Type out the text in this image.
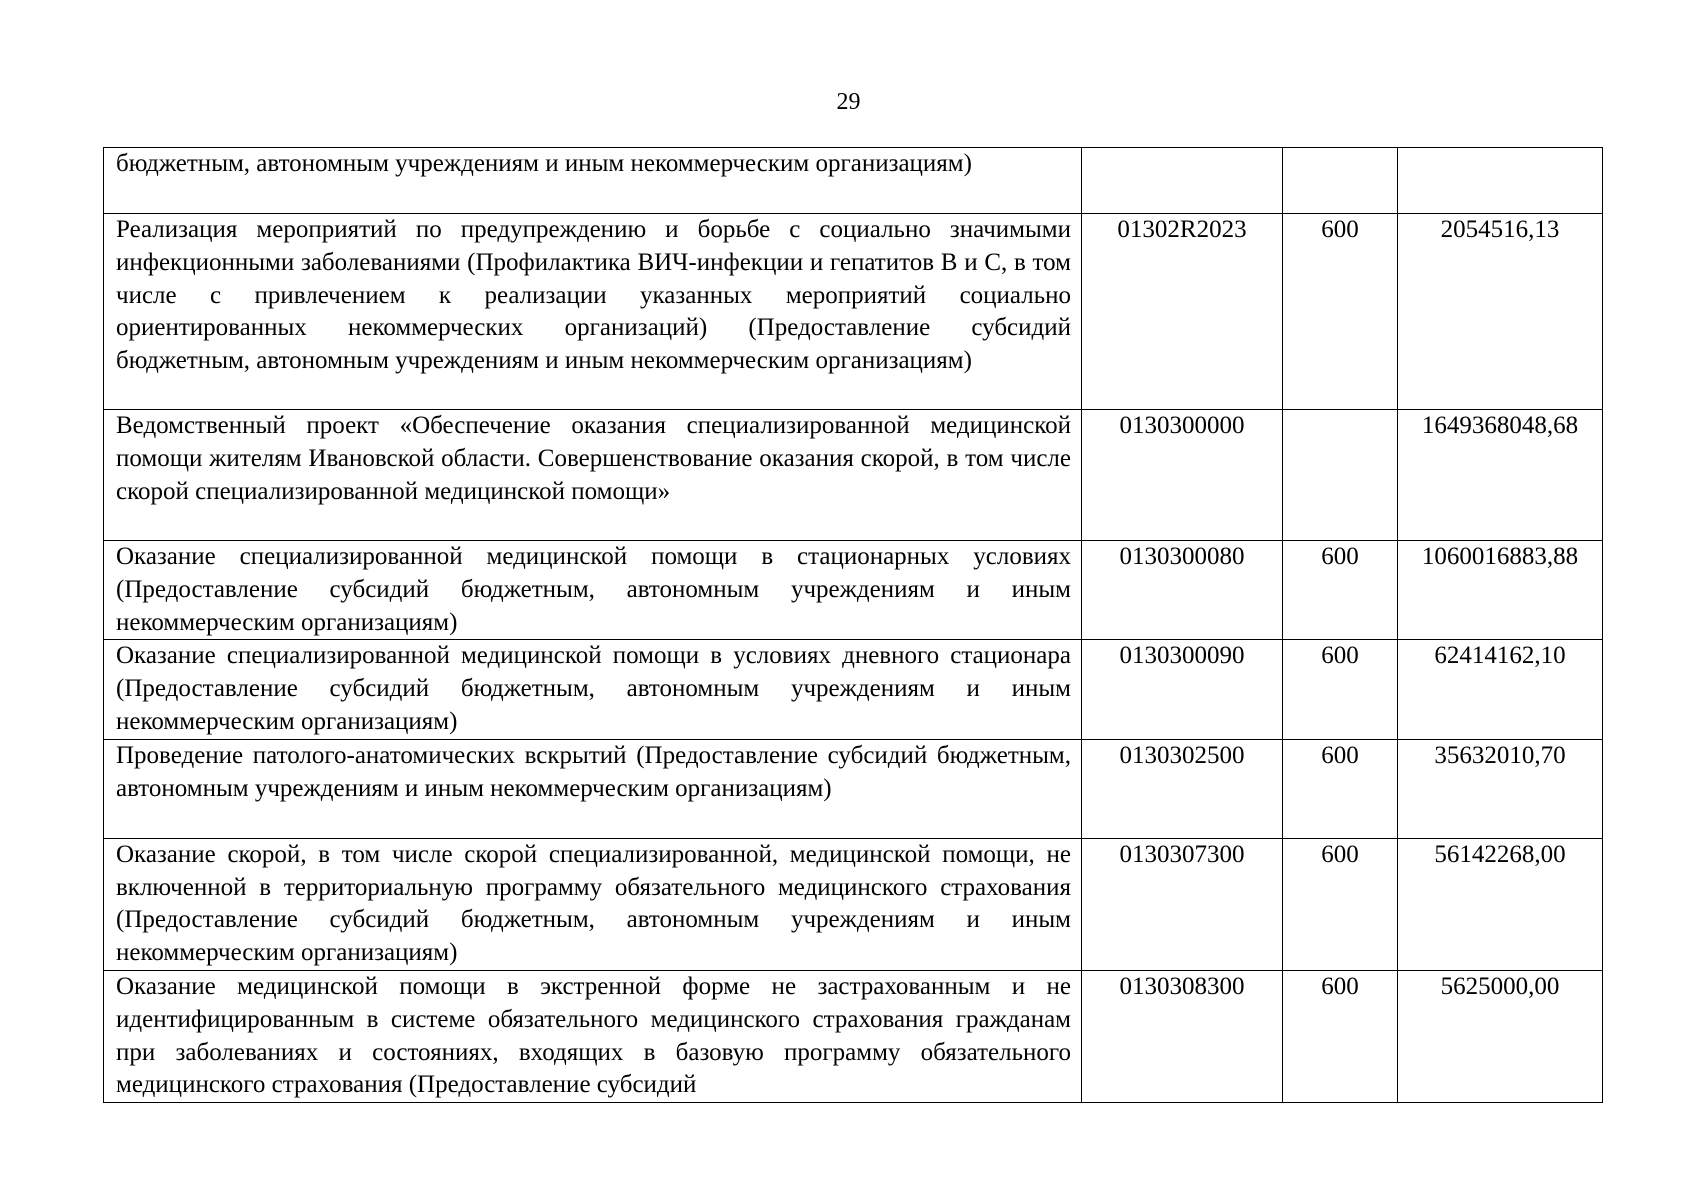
29
бюджетным, автономным учреждениям и иным некоммерческим организациям)			

Реализация мероприятий по предупреждению и борьбе с социально значимыми инфекционными заболеваниями (Профилактика ВИЧ-инфекции и гепатитов В и С, в том числе с привлечением к реализации указанных мероприятий социально ориентированных некоммерческих организаций) (Предоставление субсидий бюджетным, автономным учреждениям и иным некоммерческим организациям)	01302R2023	600	2054516,13

Ведомственный проект «Обеспечение оказания специализированной медицинской помощи жителям Ивановской области. Совершенствование оказания скорой, в том числе скорой специализированной медицинской помощи»	0130300000		1649368048,68

Оказание специализированной медицинской помощи в стационарных условиях (Предоставление субсидий бюджетным, автономным учреждениям и иным некоммерческим организациям)	0130300080	600	1060016883,88

Оказание специализированной медицинской помощи в условиях дневного стационара (Предоставление субсидий бюджетным, автономным учреждениям и иным некоммерческим организациям)	0130300090	600	62414162,10

Проведение патолого-анатомических вскрытий (Предоставление субсидий бюджетным, автономным учреждениям и иным некоммерческим организациям)	0130302500	600	35632010,70

Оказание скорой, в том числе скорой специализированной, медицинской помощи, не включенной в территориальную программу обязательного медицинского страхования (Предоставление субсидий бюджетным, автономным учреждениям и иным некоммерческим организациям)	0130307300	600	56142268,00

Оказание медицинской помощи в экстренной форме не застрахованным и не идентифицированным в системе обязательного медицинского страхования гражданам при заболеваниях и состояниях, входящих в базовую программу обязательного медицинского страхования (Предоставление субсидий	0130308300	600	5625000,00
